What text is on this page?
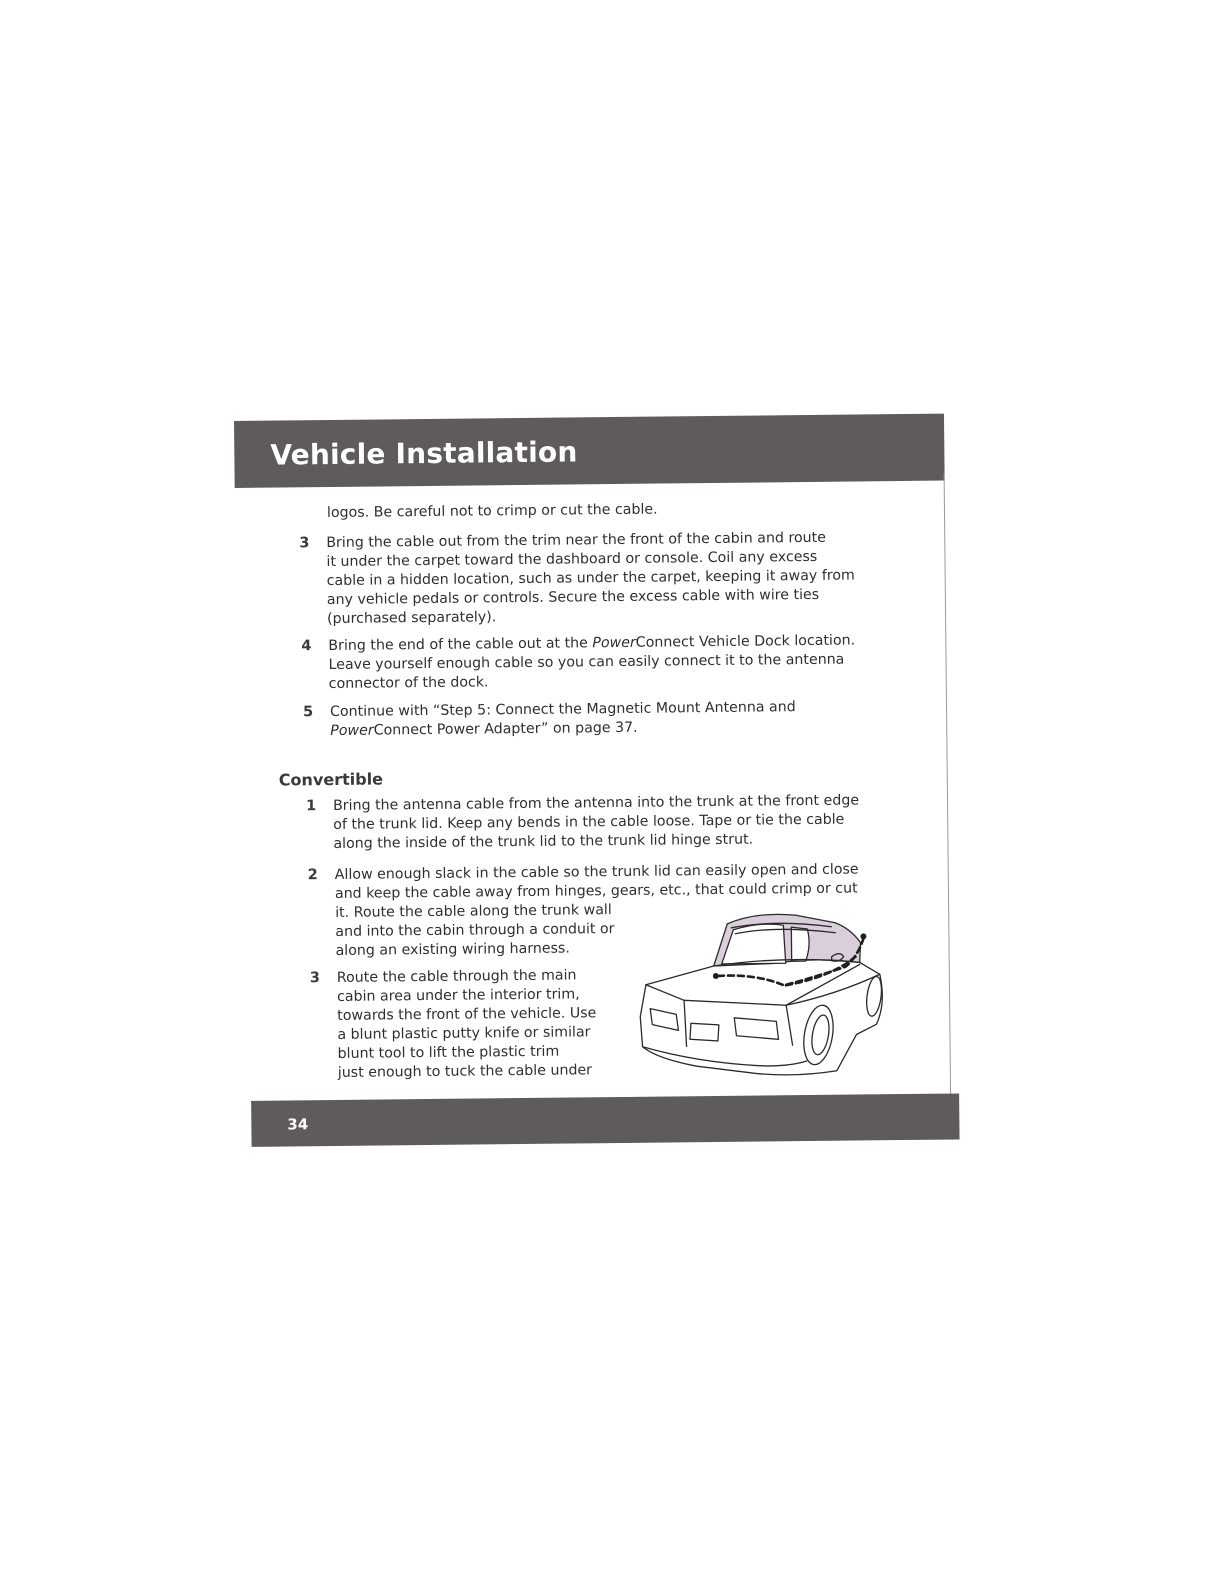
Vehicle Installation
logos. Be careful not to crimp or cut the cable.
3 Bring the cable out from the trim near the front of the cabin and route
it under the carpet toward the dashboard or console. Coil any excess
cable in a hidden location, such as under the carpet, keeping it away from
any vehicle pedals or controls. Secure the excess cable with wire ties
(purchased separately).
4 Bring the end of the cable out at the PowerConnect Vehicle Dock location.
Leave yourself enough cable so you can easily connect it to the antenna
connector of the dock.
5 Continue with “Step 5: Connect the Magnetic Mount Antenna and
PowerConnect Power Adapter” on page 37.
Convertible
1 Bring the antenna cable from the antenna into the trunk at the front edge
of the trunk lid. Keep any bends in the cable loose. Tape or tie the cable
along the inside of the trunk lid to the trunk lid hinge strut.
2 Allow enough slack in the cable so the trunk lid can easily open and close
and keep the cable away from hinges, gears, etc., that could crimp or cut
it. Route the cable along the trunk wall
and into the cabin through a conduit or
along an existing wiring harness.
3 Route the cable through the main
cabin area under the interior trim,
towards the front of the vehicle. Use
a blunt plastic putty knife or similar
blunt tool to lift the plastic trim
just enough to tuck the cable under
34
